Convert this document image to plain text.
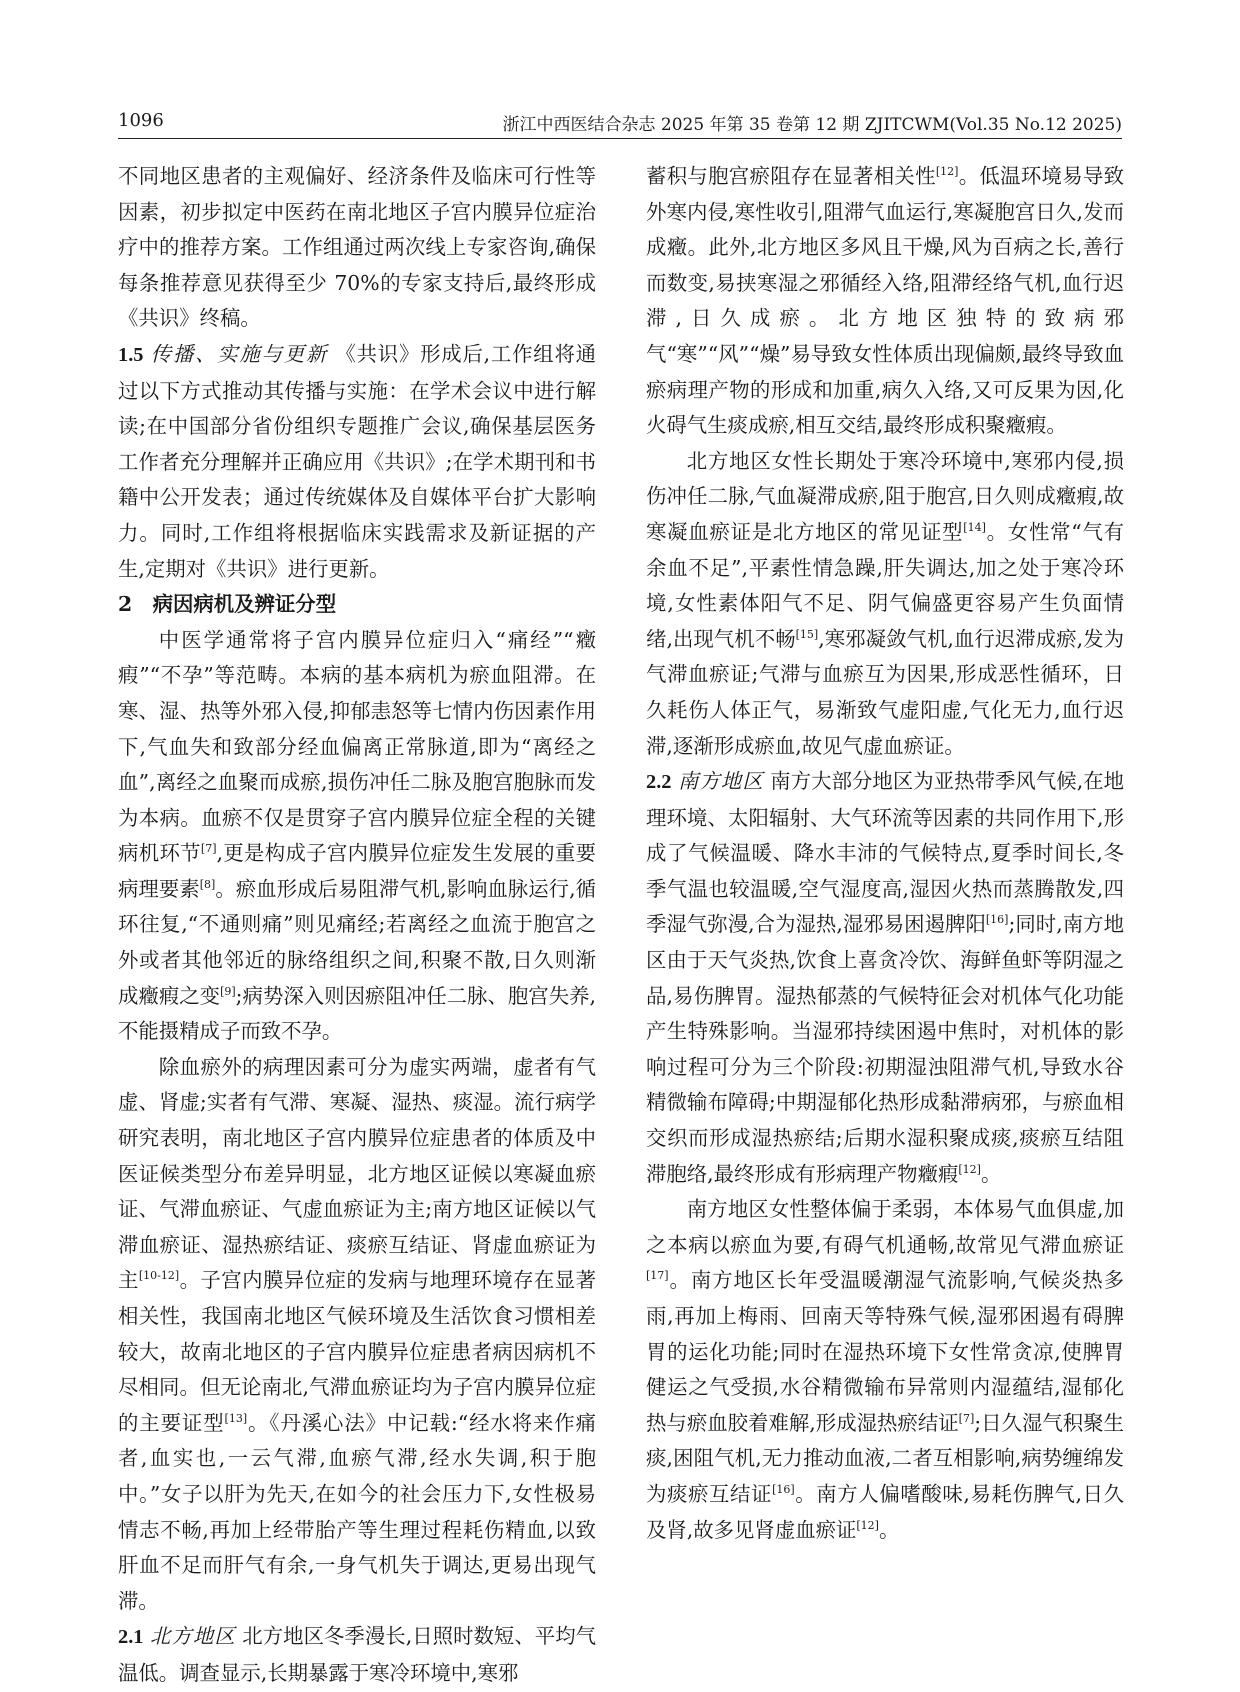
1096	浙江中西医结合杂志 2025 年第 35 卷第 12 期 ZJITCWM(Vol.35 No.12 2025)

不同地区患者的主观偏好、经济条件及临床可行性等因素，初步拟定中医药在南北地区子宫内膜异位症治疗中的推荐方案。工作组通过两次线上专家咨询,确保每条推荐意见获得至少 70%的专家支持后,最终形成《共识》终稿。

1.5 传播、实施与更新 《共识》形成后,工作组将通过以下方式推动其传播与实施：在学术会议中进行解读;在中国部分省份组织专题推广会议,确保基层医务工作者充分理解并正确应用《共识》;在学术期刊和书籍中公开发表；通过传统媒体及自媒体平台扩大影响力。同时,工作组将根据临床实践需求及新证据的产生,定期对《共识》进行更新。

2　病因病机及辨证分型

中医学通常将子宫内膜异位症归入“痛经”“癥瘕”“不孕”等范畴。本病的基本病机为瘀血阻滞。在寒、湿、热等外邪入侵,抑郁恚怒等七情内伤因素作用下,气血失和致部分经血偏离正常脉道,即为“离经之血”,离经之血聚而成瘀,损伤冲任二脉及胞宫胞脉而发为本病。血瘀不仅是贯穿子宫内膜异位症全程的关键病机环节[7],更是构成子宫内膜异位症发生发展的重要病理要素[8]。瘀血形成后易阻滞气机,影响血脉运行,循环往复,“不通则痛”则见痛经;若离经之血流于胞宫之外或者其他邻近的脉络组织之间,积聚不散,日久则渐成癥瘕之变[9];病势深入则因瘀阻冲任二脉、胞宫失养,不能摄精成子而致不孕。

除血瘀外的病理因素可分为虚实两端，虚者有气虚、肾虚;实者有气滞、寒凝、湿热、痰湿。流行病学研究表明，南北地区子宫内膜异位症患者的体质及中医证候类型分布差异明显，北方地区证候以寒凝血瘀证、气滞血瘀证、气虚血瘀证为主;南方地区证候以气滞血瘀证、湿热瘀结证、痰瘀互结证、肾虚血瘀证为主[10-12]。子宫内膜异位症的发病与地理环境存在显著相关性，我国南北地区气候环境及生活饮食习惯相差较大，故南北地区的子宫内膜异位症患者病因病机不尽相同。但无论南北,气滞血瘀证均为子宫内膜异位症的主要证型[13]。《丹溪心法》中记载:“经水将来作痛者,血实也,一云气滞,血瘀气滞,经水失调,积于胞中。”女子以肝为先天,在如今的社会压力下,女性极易情志不畅,再加上经带胎产等生理过程耗伤精血,以致肝血不足而肝气有余,一身气机失于调达,更易出现气滞。

2.1 北方地区 北方地区冬季漫长,日照时数短、平均气温低。调查显示,长期暴露于寒冷环境中,寒邪

蓄积与胞宫瘀阻存在显著相关性[12]。低温环境易导致外寒内侵,寒性收引,阻滞气血运行,寒凝胞宫日久,发而成癥。此外,北方地区多风且干燥,风为百病之长,善行而数变,易挟寒湿之邪循经入络,阻滞经络气机,血行迟滞,日久成瘀。北方地区独特的致病邪气“寒”“风”“燥”易导致女性体质出现偏颇,最终导致血瘀病理产物的形成和加重,病久入络,又可反果为因,化火碍气生痰成瘀,相互交结,最终形成积聚癥瘕。

北方地区女性长期处于寒冷环境中,寒邪内侵,损伤冲任二脉,气血凝滞成瘀,阻于胞宫,日久则成癥瘕,故寒凝血瘀证是北方地区的常见证型[14]。女性常“气有余血不足”,平素性情急躁,肝失调达,加之处于寒冷环境,女性素体阳气不足、阴气偏盛更容易产生负面情绪,出现气机不畅[15],寒邪凝敛气机,血行迟滞成瘀,发为气滞血瘀证;气滞与血瘀互为因果,形成恶性循环，日久耗伤人体正气，易渐致气虚阳虚,气化无力,血行迟滞,逐渐形成瘀血,故见气虚血瘀证。

2.2 南方地区 南方大部分地区为亚热带季风气候,在地理环境、太阳辐射、大气环流等因素的共同作用下,形成了气候温暖、降水丰沛的气候特点,夏季时间长,冬季气温也较温暖,空气湿度高,湿因火热而蒸腾散发,四季湿气弥漫,合为湿热,湿邪易困遏脾阳[16];同时,南方地区由于天气炎热,饮食上喜贪冷饮、海鲜鱼虾等阴湿之品,易伤脾胃。湿热郁蒸的气候特征会对机体气化功能产生特殊影响。当湿邪持续困遏中焦时，对机体的影响过程可分为三个阶段:初期湿浊阻滞气机,导致水谷精微输布障碍;中期湿郁化热形成黏滞病邪，与瘀血相交织而形成湿热瘀结;后期水湿积聚成痰,痰瘀互结阻滞胞络,最终形成有形病理产物癥瘕[12]。

南方地区女性整体偏于柔弱，本体易气血俱虚,加之本病以瘀血为要,有碍气机通畅,故常见气滞血瘀证[17]。南方地区长年受温暖潮湿气流影响,气候炎热多雨,再加上梅雨、回南天等特殊气候,湿邪困遏有碍脾胃的运化功能;同时在湿热环境下女性常贪凉,使脾胃健运之气受损,水谷精微输布异常则内湿蕴结,湿郁化热与瘀血胶着难解,形成湿热瘀结证[7];日久湿气积聚生痰,困阻气机,无力推动血液,二者互相影响,病势缠绵发为痰瘀互结证[16]。南方人偏嗜酸味,易耗伤脾气,日久及肾,故多见肾虚血瘀证[12]。
